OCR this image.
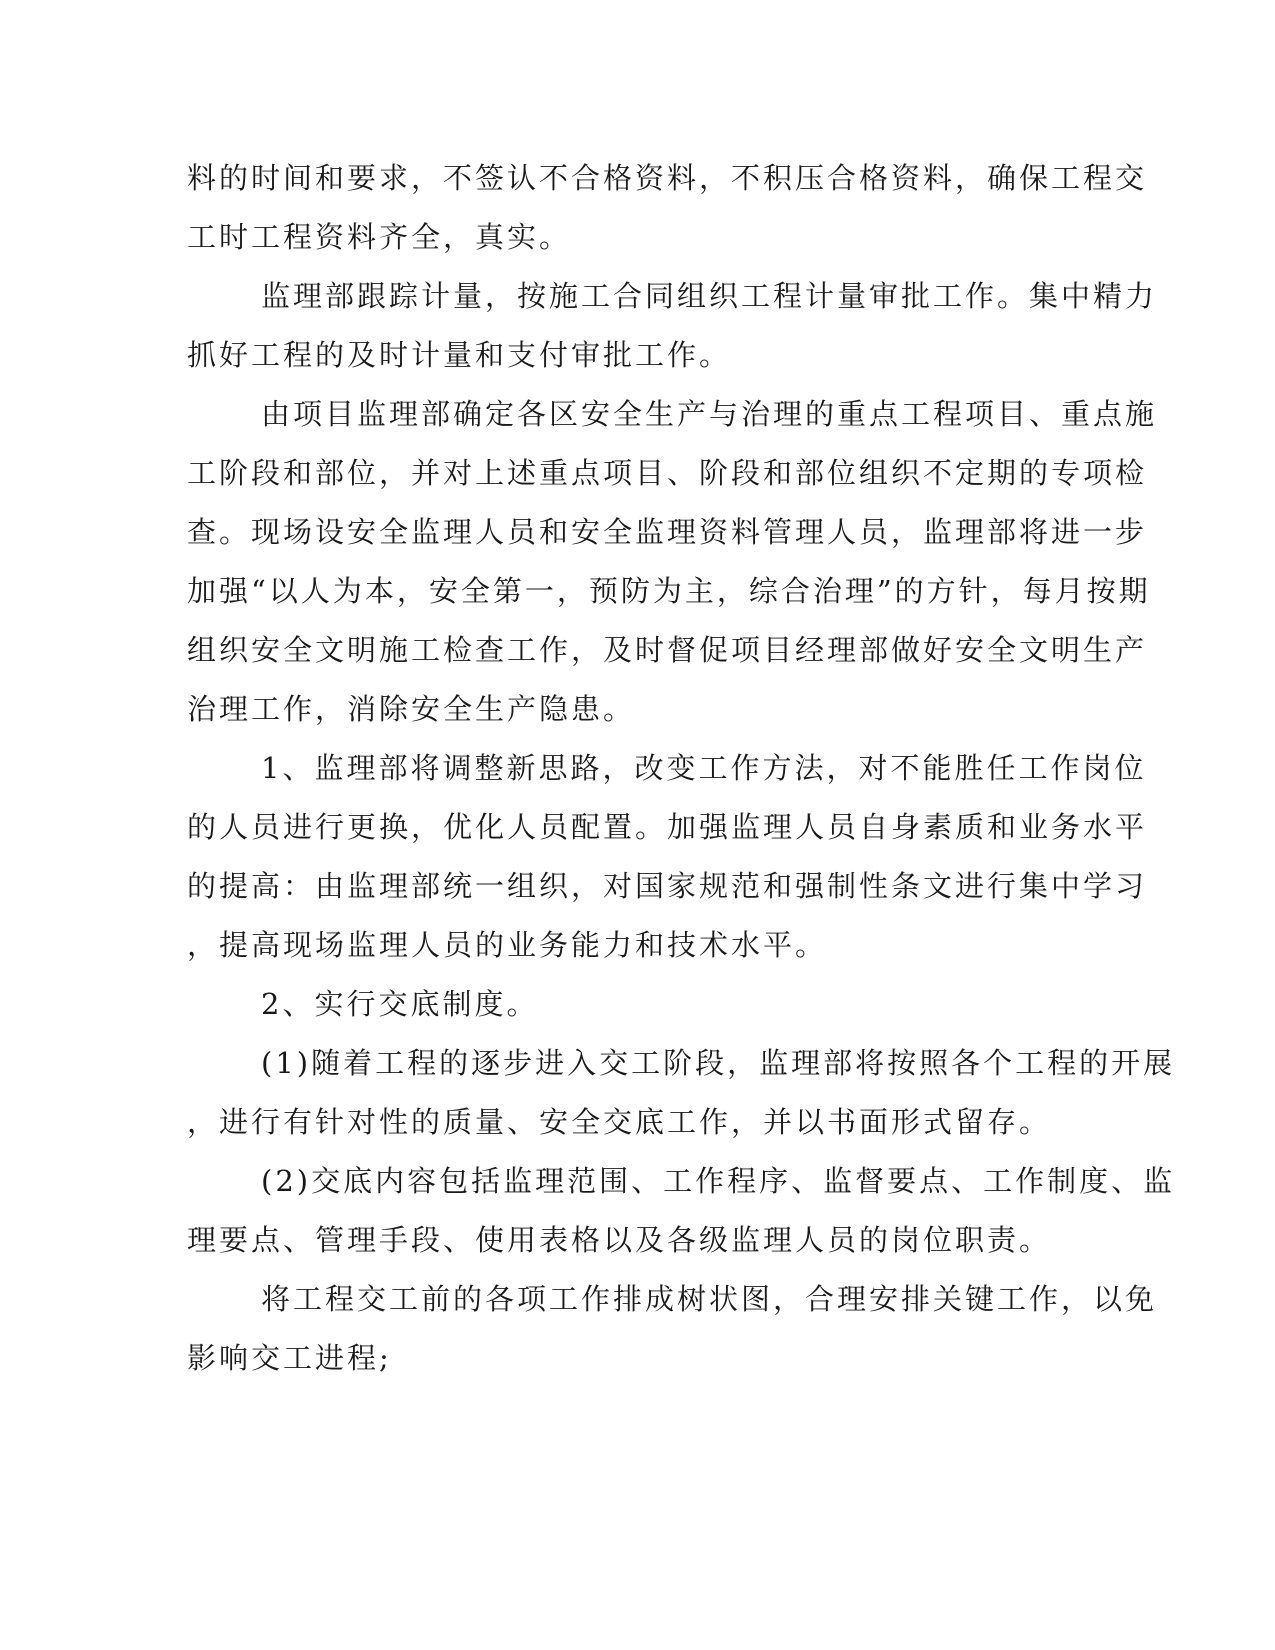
料的时间和要求，不签认不合格资料，不积压合格资料，确保工程交
工时工程资料齐全，真实。
监理部跟踪计量，按施工合同组织工程计量审批工作。集中精力
抓好工程的及时计量和支付审批工作。
由项目监理部确定各区安全生产与治理的重点工程项目、重点施
工阶段和部位，并对上述重点项目、阶段和部位组织不定期的专项检
查。现场设安全监理人员和安全监理资料管理人员，监理部将进一步
加强“以人为本，安全第一，预防为主，综合治理”的方针，每月按期
组织安全文明施工检查工作，及时督促项目经理部做好安全文明生产
治理工作，消除安全生产隐患。
1、监理部将调整新思路，改变工作方法，对不能胜任工作岗位
的人员进行更换，优化人员配置。加强监理人员自身素质和业务水平
的提高：由监理部统一组织，对国家规范和强制性条文进行集中学习
，提高现场监理人员的业务能力和技术水平。
2、实行交底制度。
(1)随着工程的逐步进入交工阶段，监理部将按照各个工程的开展
，进行有针对性的质量、安全交底工作，并以书面形式留存。
(2)交底内容包括监理范围、工作程序、监督要点、工作制度、监
理要点、管理手段、使用表格以及各级监理人员的岗位职责。
将工程交工前的各项工作排成树状图，合理安排关键工作，以免
影响交工进程;
